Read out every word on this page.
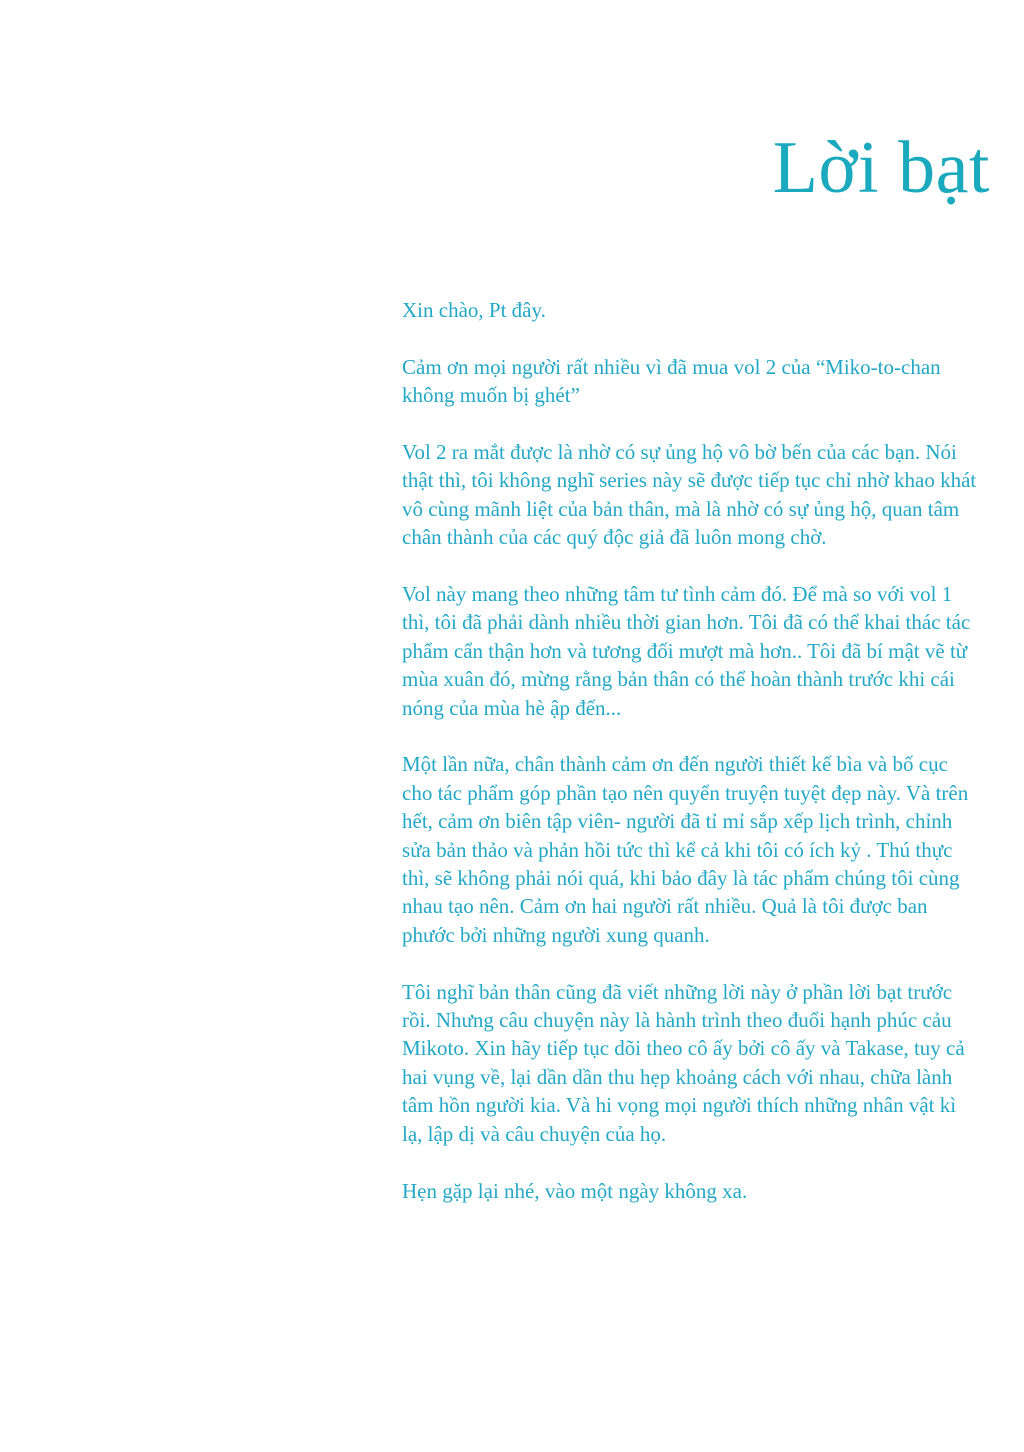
Lời bạt

Xin chào, Pt đây.

Cảm ơn mọi người rất nhiều vì đã mua vol 2 của “Miko-to-chan không muốn bị ghét”

Vol 2 ra mắt được là nhờ có sự ủng hộ vô bờ bến của các bạn. Nói thật thì, tôi không nghĩ series này sẽ được tiếp tục chỉ nhờ khao khát vô cùng mãnh liệt của bản thân, mà là nhờ có sự ủng hộ, quan tâm chân thành của các quý độc giả đã luôn mong chờ.

Vol này mang theo những tâm tư tình cảm đó. Để mà so với vol 1 thì, tôi đã phải dành nhiều thời gian hơn. Tôi đã có thể khai thác tác phẩm cẩn thận hơn và tương đối mượt mà hơn.. Tôi đã bí mật vẽ từ mùa xuân đó, mừng rằng bản thân có thể hoàn thành trước khi cái nóng của mùa hè ập đến...

Một lần nữa, chân thành cảm ơn đến người thiết kế bìa và bố cục cho tác phẩm góp phần tạo nên quyển truyện tuyệt đẹp này. Và trên hết, cảm ơn biên tập viên- người đã tỉ mỉ sắp xếp lịch trình, chỉnh sửa bản thảo và phản hồi tức thì kể cả khi tôi có ích kỷ . Thú thực thì, sẽ không phải nói quá, khi bảo đây là tác phẩm chúng tôi cùng nhau tạo nên. Cảm ơn hai người rất nhiều. Quả là tôi được ban phước bởi những người xung quanh.

Tôi nghĩ bản thân cũng đã viết những lời này ở phần lời bạt trước rồi. Nhưng câu chuyện này là hành trình theo đuổi hạnh phúc cảu Mikoto. Xin hãy tiếp tục dõi theo cô ấy bởi cô ấy và Takase, tuy cả hai vụng về, lại dần dần thu hẹp khoảng cách với nhau, chữa lành tâm hồn người kia. Và hi vọng mọi người thích những nhân vật kì lạ, lập dị và câu chuyện của họ.

Hẹn gặp lại nhé, vào một ngày không xa.
